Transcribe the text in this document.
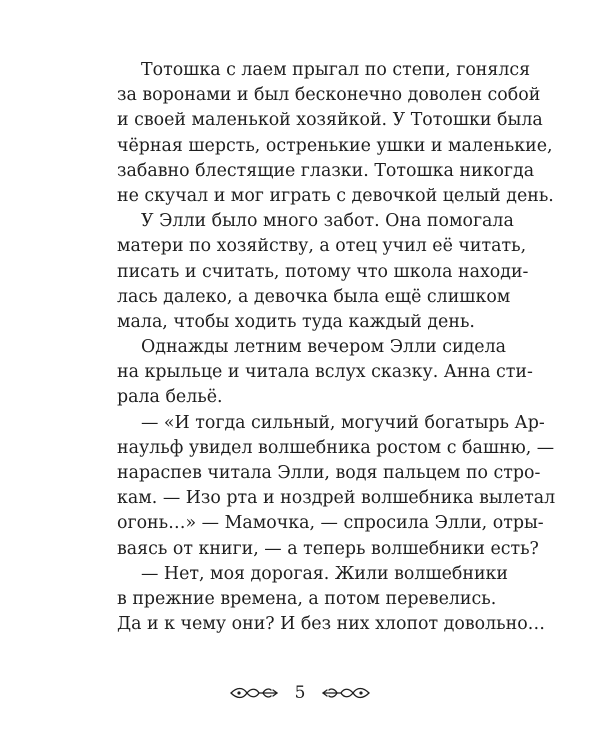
Тотошка с лаем прыгал по степи, гонялся
за воронами и был бесконечно доволен собой
и своей маленькой хозяйкой. У Тотошки была
чёрная шерсть, остренькие ушки и маленькие,
забавно блестящие глазки. Тотошка никогда
не скучал и мог играть с девочкой целый день.
У Элли было много забот. Она помогала
матери по хозяйству, а отец учил её читать,
писать и считать, потому что школа находи-
лась далеко, а девочка была ещё слишком
мала, чтобы ходить туда каждый день.
Однажды летним вечером Элли сидела
на крыльце и читала вслух сказку. Анна сти-
рала бельё.
— «И тогда сильный, могучий богатырь Ар-
наульф увидел волшебника ростом с башню, —
нараспев читала Элли, водя пальцем по стро-
кам. — Изо рта и ноздрей волшебника вылетал
огонь…» — Мамочка, — спросила Элли, отры-
ваясь от книги, — а теперь волшебники есть?
— Нет, моя дорогая. Жили волшебники
в прежние времена, а потом перевелись.
Да и к чему они? И без них хлопот довольно…
5
